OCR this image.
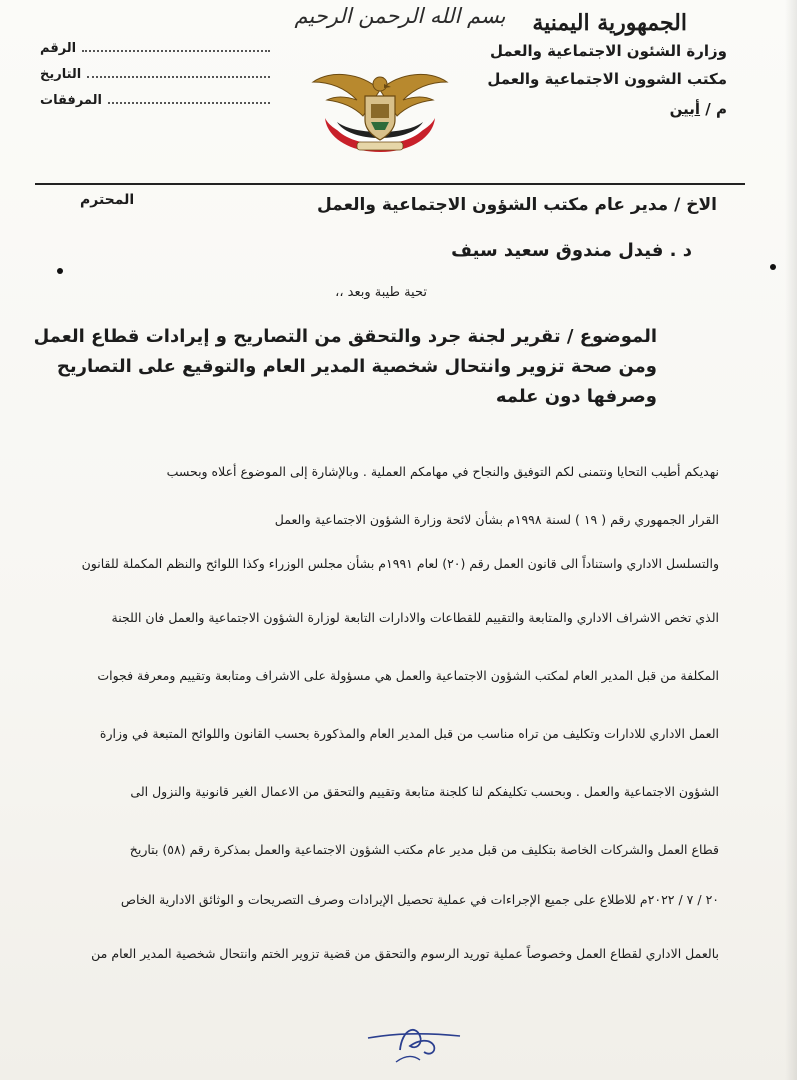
الجمهورية اليمنية
وزارة الشئون الاجتماعية والعمل
مكتب الشوون الاجتماعية والعمل
م / أبين
بسم الله الرحمن الرحيم
الرقم
التاريخ
المرفقات
الاخ / مدير عام مكتب الشؤون الاجتماعية والعمل
المحترم
د . فيدل مندوق سعيد سيف
تحية طيبة وبعد ،،
الموضوع / تقرير لجنة جرد والتحقق من التصاريح و إيرادات قطاع العمل
ومن صحة تزوير وانتحال شخصية المدير العام والتوقيع على التصاريح
وصرفها دون علمه
نهديكم أطيب التحايا ونتمنى لكم التوفيق والنجاح في مهامكم العملية . وبالإشارة إلى الموضوع أعلاه وبحسب
القرار الجمهوري رقم ( ١٩ ) لسنة ١٩٩٨م بشأن لائحة وزارة الشؤون الاجتماعية والعمل
والتسلسل الاداري واستناداً الى قانون العمل رقم (٢٠) لعام ١٩٩١م بشأن مجلس الوزراء وكذا اللوائح والنظم المكملة للقانون
الذي تخص الاشراف الاداري والمتابعة والتقييم للقطاعات والادارات التابعة لوزارة الشؤون الاجتماعية والعمل فان اللجنة
المكلفة من قبل المدير العام لمكتب الشؤون الاجتماعية والعمل هي مسؤولة على الاشراف ومتابعة وتقييم ومعرفة فجوات
العمل الاداري للادارات وتكليف من تراه مناسب من قبل المدير العام والمذكورة بحسب القانون واللوائح المتبعة في وزارة
الشؤون الاجتماعية والعمل . وبحسب تكليفكم لنا كلجنة متابعة وتقييم والتحقق من الاعمال الغير قانونية والنزول الى
قطاع العمل والشركات الخاصة بتكليف من قبل مدير عام مكتب الشؤون الاجتماعية والعمل بمذكرة رقم (٥٨) بتاريخ
٢٠ / ٧ / ٢٠٢٢م للاطلاع على جميع الإجراءات في عملية تحصيل الإيرادات وصرف التصريحات و الوثائق الادارية الخاص
بالعمل الاداري لقطاع العمل وخصوصاً عملية توريد الرسوم والتحقق من قضية تزوير الختم وانتحال شخصية المدير العام من
